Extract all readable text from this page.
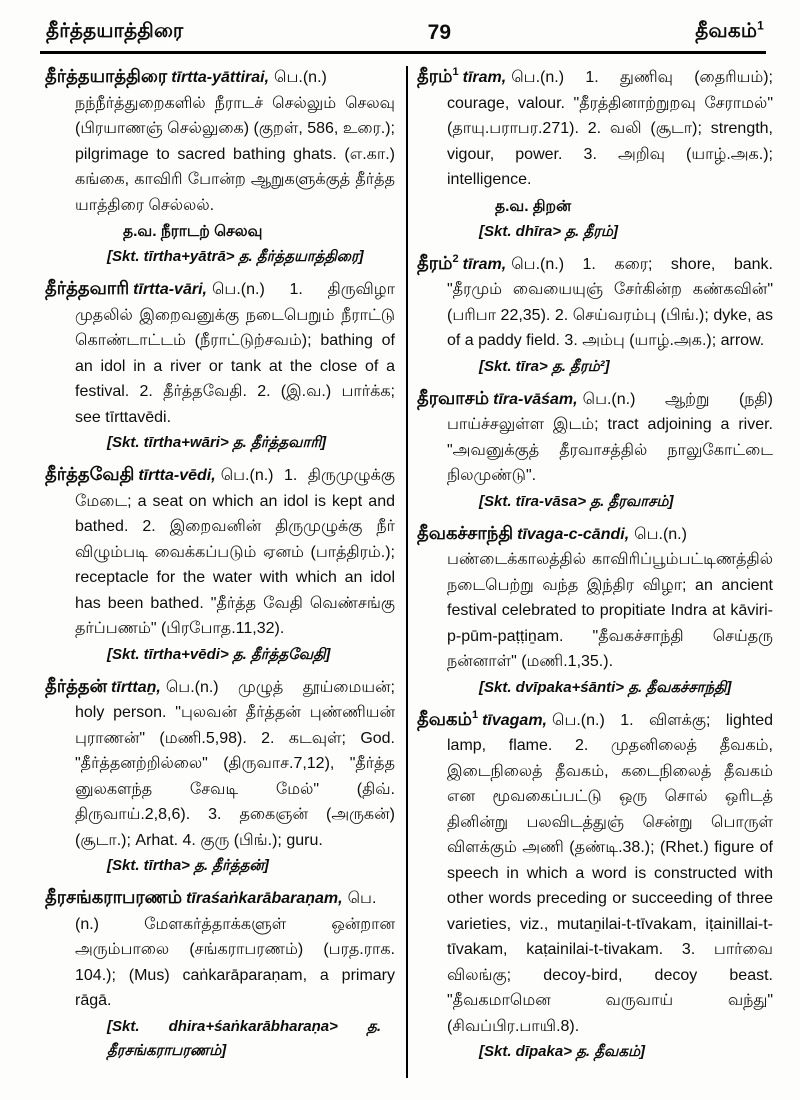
தீர்த்தயாத்திரை	79	தீவகம்$^1$

தீர்த்தயாத்திரை tīrtta-yāttirai, பெ.(n.) நந்நீர்த்துறைகளில் நீராடச் செல்லும் செலவு (பிரயாணஞ் செல்லுகை) (குறள், 586, உரை.); pilgrimage to sacred bathing ghats. (எ.கா.) கங்கை, காவிரி போன்ற ஆறுகளுக்குத் தீர்த்த யாத்திரை செல்லல்.

த.வ. நீராடற் செலவு

[Skt. tīrtha+yātrā> த. தீர்த்தயாத்திரை]

தீர்த்தவாரி tīrtta-vāri, பெ.(n.) 1. திருவிழா முதலில் இறைவனுக்கு நடைபெறும் நீராட்டு கொண்டாட்டம் (நீராட்டுற்சவம்); bathing of an idol in a river or tank at the close of a festival. 2. தீர்த்தவேதி. 2. (இ.வ.) பார்க்க; see tīrttavēdi.

[Skt. tīrtha+wāri> த. தீர்த்தவாரி]

தீர்த்தவேதி tīrtta-vēdi, பெ.(n.) 1. திருமுழுக்கு மேடை; a seat on which an idol is kept and bathed. 2. இறைவனின் திருமுழுக்கு நீர் விழும்படி வைக்கப்படும் ஏனம் (பாத்திரம்.); receptacle for the water with which an idol has been bathed. "தீர்த்த வேதி வெண்சங்கு தர்ப்பணம்" (பிரபோத.11,32).

[Skt. tīrtha+vēdi> த. தீர்த்தவேதி]

தீர்த்தன் tīrttaṉ, பெ.(n.) முழுத் தூய்மையன்; holy person. "புலவன் தீர்த்தன் புண்ணியன் புராணன்" (மணி.5,98). 2. கடவுள்; God. "தீர்த்தனற்றில்லை" (திருவாச.7,12), "தீர்த்த னுலகளந்த சேவடி மேல்" (திவ். திருவாய்.2,8,6). 3. தகைஞன் (அருகன்) (சூடா.); Arhat. 4. குரு (பிங்.); guru.

[Skt. tīrtha> த. தீர்த்தன்]

தீரசங்கராபரணம் tīraśaṅkarābaraṇam, பெ.(n.) மேளகர்த்தாக்களுள் ஒன்றான அரும்பாலை (சங்கராபரணம்) (பரத.ராக. 104.); (Mus) caṅkarāparaṇam, a primary rāgā.

[Skt. dhira+śaṅkarābharaṇa> த. தீரசங்கராபரணம்]

தீரம்$^1$ tīram, பெ.(n.) 1. துணிவு (தைரியம்); courage, valour. "தீரத்தினாற்றுறவு சேராமல்" (தாயு.பராபர.271). 2. வலி (சூடா); strength, vigour, power. 3. அறிவு (யாழ்.அக.); intelligence.

த.வ. திறன்

[Skt. dhīra> த. தீரம்]

தீரம்$^2$ tīram, பெ.(n.) 1. கரை; shore, bank. "தீரமும் வையையுஞ் சேர்கின்ற கண்கவின்" (பரிபா 22,35). 2. செய்வரம்பு (பிங்.); dyke, as of a paddy field. 3. அம்பு (யாழ்.அக.); arrow.

[Skt. tīra> த. தீரம்²]

தீரவாசம் tīra-vāśam, பெ.(n.) ஆற்று (நதி) பாய்ச்சலுள்ள இடம்; tract adjoining a river. "அவனுக்குத் தீரவாசத்தில் நாலுகோட்டை நிலமுண்டு".

[Skt. tīra-vāsa> த. தீரவாசம்]

தீவகச்சாந்தி tīvaga-c-cāndi, பெ.(n.) பண்டைக்காலத்தில் காவிரிப்பூம்பட்டிணத்தில் நடைபெற்று வந்த இந்திர விழா; an ancient festival celebrated to propitiate Indra at kāviri-p-pūm-paṭṭiṉam. "தீவகச்சாந்தி செய்தரு நன்னாள்" (மணி.1,35.).

[Skt. dvīpaka+śānti> த. தீவகச்சாந்தி]

தீவகம்$^1$ tīvagam, பெ.(n.) 1. விளக்கு; lighted lamp, flame. 2. முதனிலைத் தீவகம், இடைநிலைத் தீவகம், கடைநிலைத் தீவகம் என மூவகைப்பட்டு ஒரு சொல் ஒரிடத் தினின்று பலவிடத்துஞ் சென்று பொருள் விளக்கும் அணி (தண்டி.38.); (Rhet.) figure of speech in which a word is constructed with other words preceding or succeeding of three varieties, viz., mutaṉilai-t-tīvakam, iṭainillai-t-tīvakam, kaṭainilai-t-tivakam. 3. பார்வை விலங்கு; decoy-bird, decoy beast. "தீவகமாமென வருவாய் வந்து" (சிவப்பிர.பாயி.8).

[Skt. dīpaka> த. தீவகம்]
